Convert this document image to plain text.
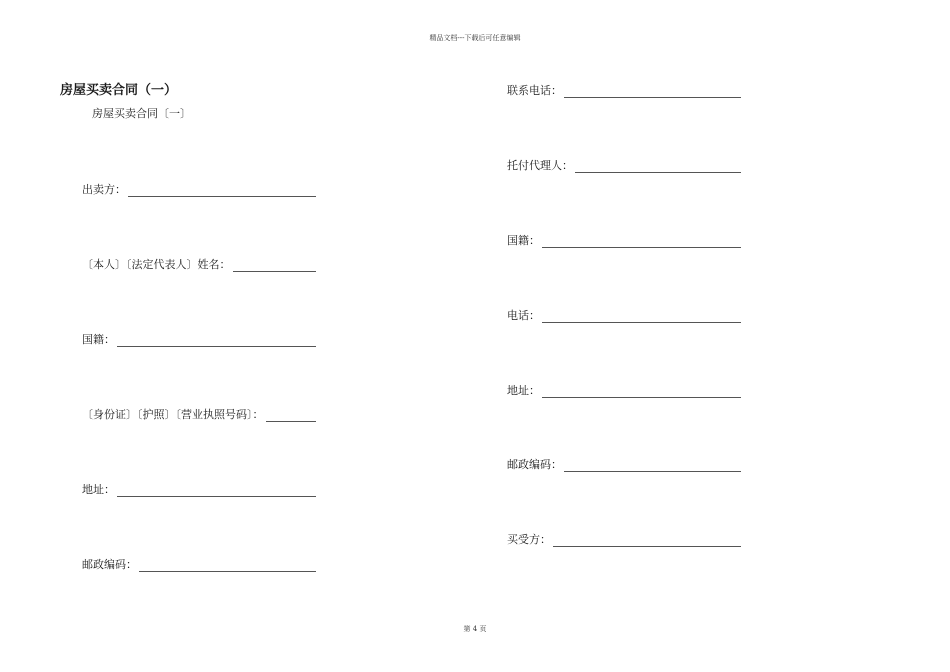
精品文档---下载后可任意编辑
房屋买卖合同（一）
房屋买卖合同〔一〕
出卖方：
〔本人〕〔法定代表人〕姓名：
国籍：
〔身份证〕〔护照〕〔营业执照号码〕：
地址：
邮政编码：
联系电话：
托付代理人：
国籍：
电话：
地址：
邮政编码：
买受方：
第 4 页
